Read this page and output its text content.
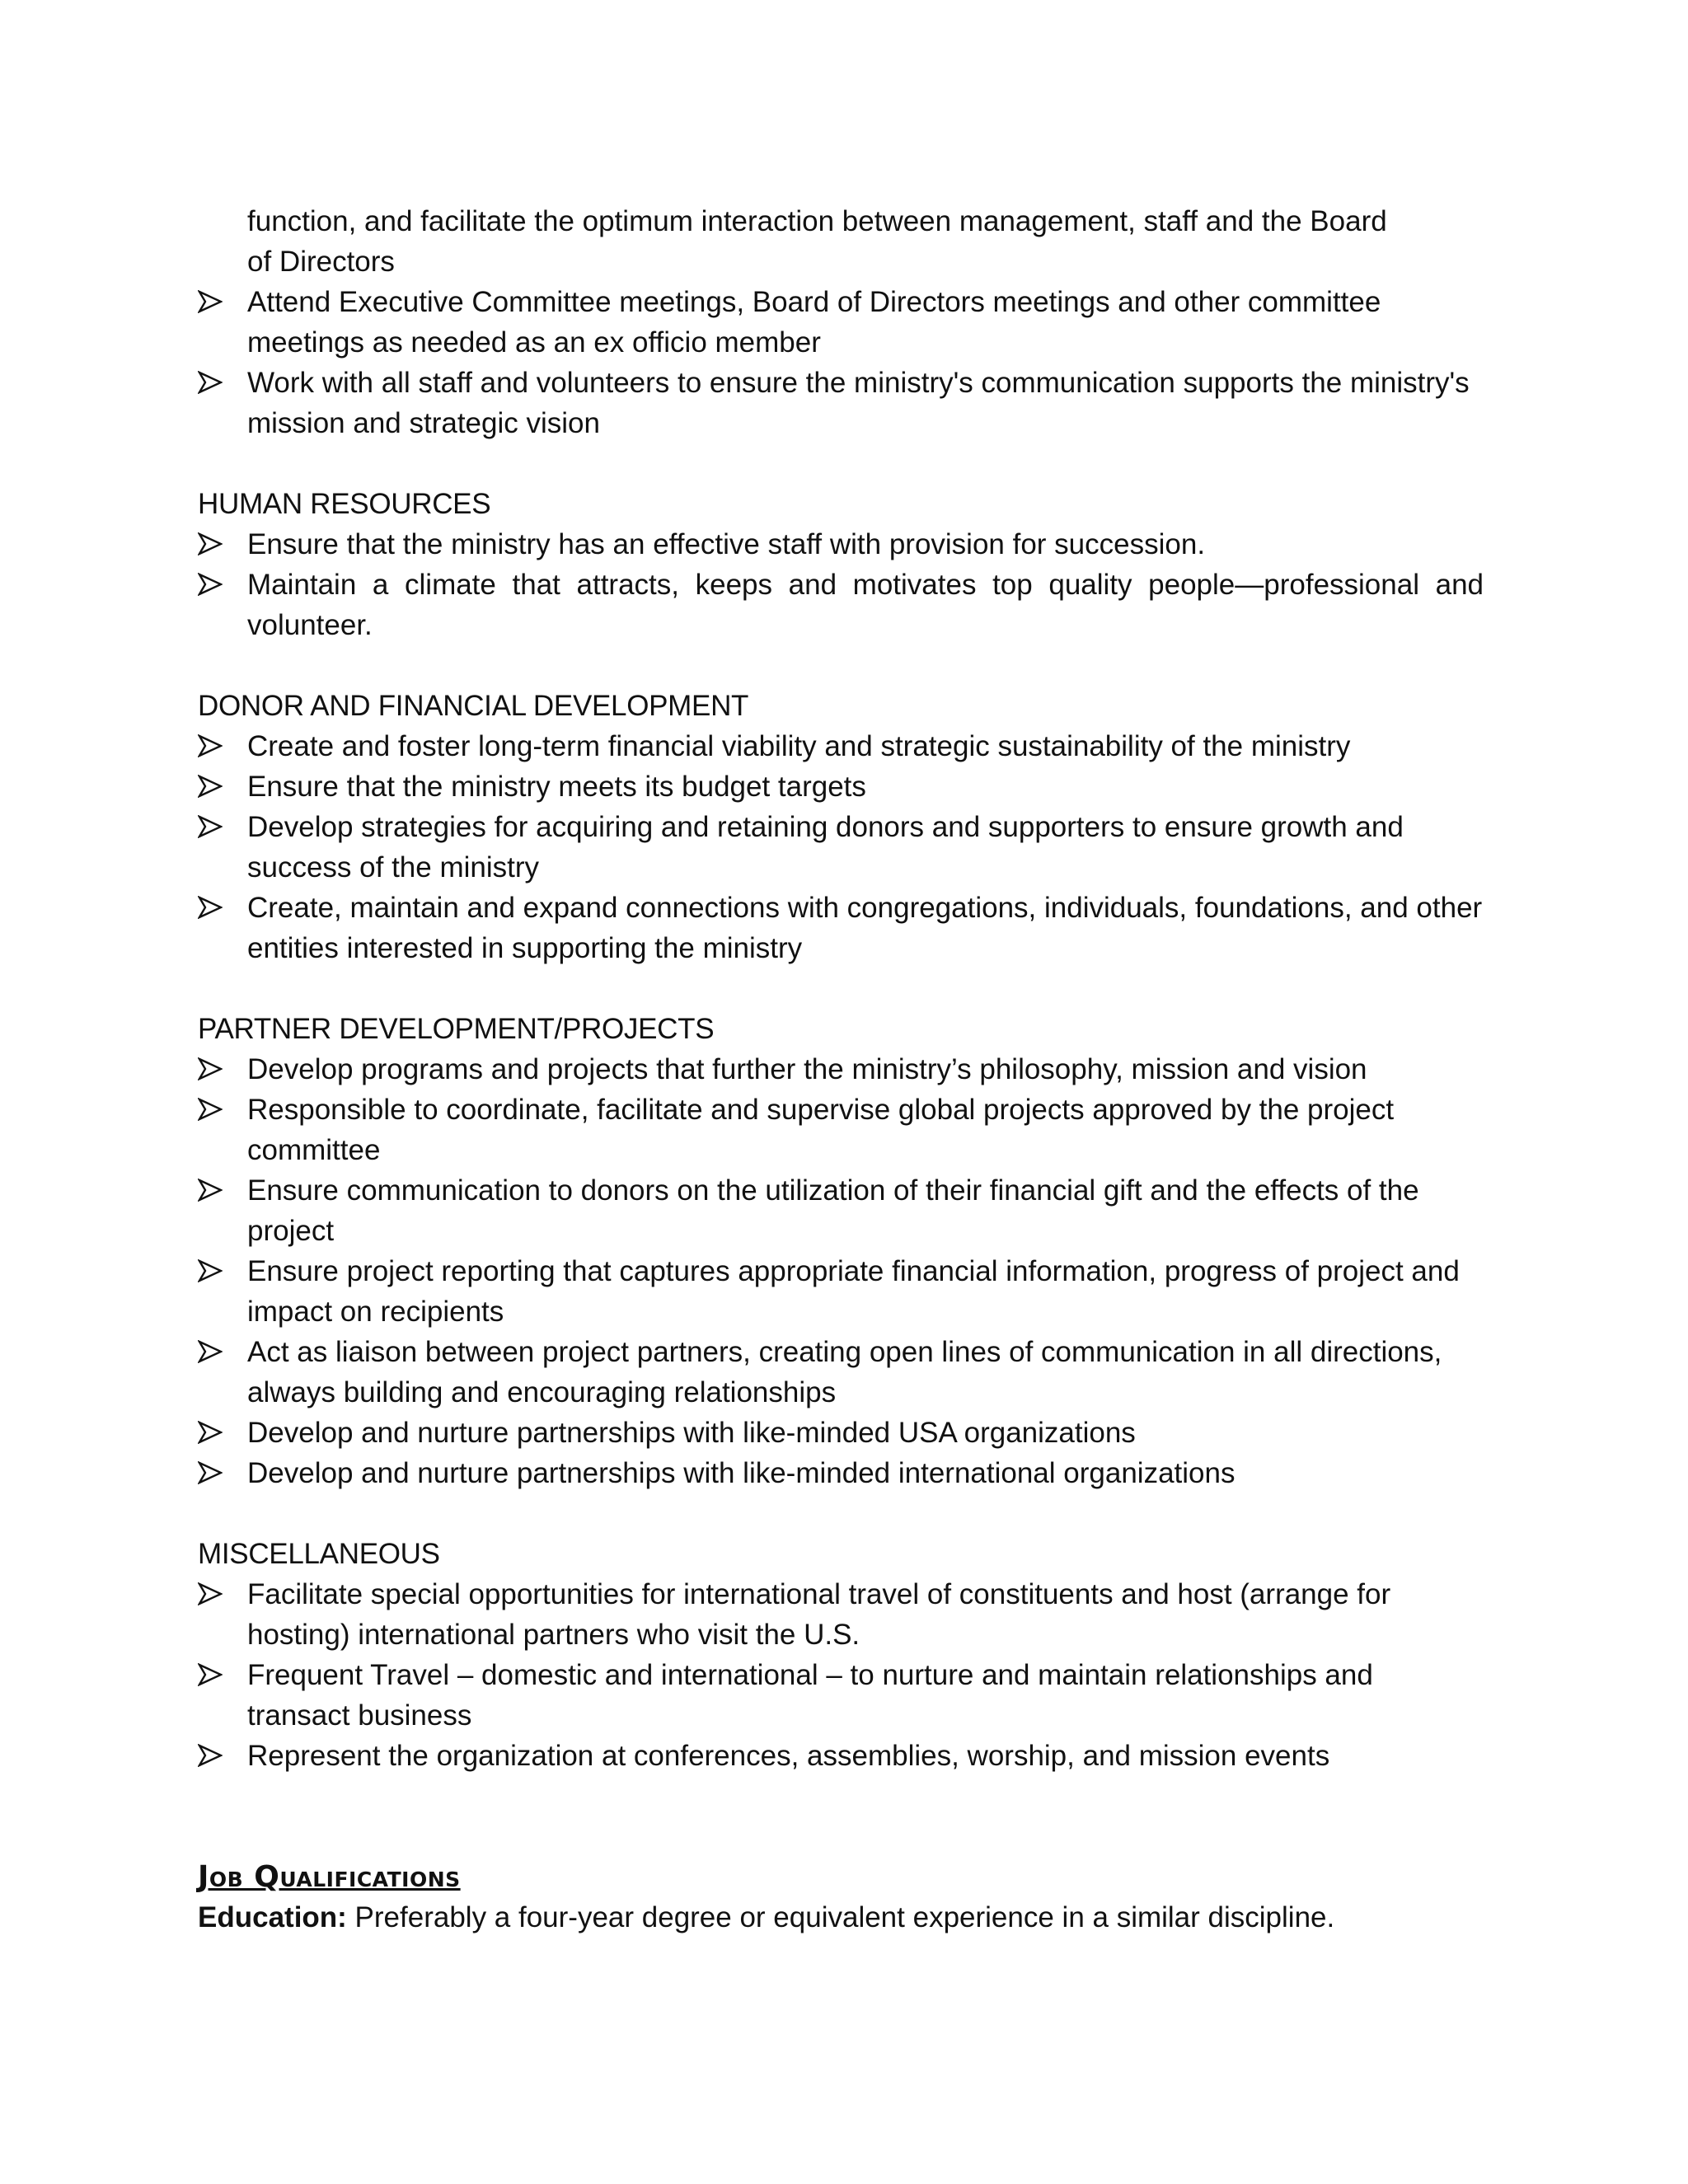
function, and facilitate the optimum interaction between management, staff and the Board

of Directors

Attend Executive Committee meetings, Board of Directors meetings and other committee meetings as needed as an ex officio member
Work with all staff and volunteers to ensure the ministry's communication supports the ministry's mission and strategic vision

HUMAN RESOURCES

Ensure that the ministry has an effective staff with provision for succession.
Maintain a climate that attracts, keeps and motivates top quality people—professional and volunteer.

DONOR AND FINANCIAL DEVELOPMENT

Create and foster long-term financial viability and strategic sustainability of the ministry
Ensure that the ministry meets its budget targets
Develop strategies for acquiring and retaining donors and supporters to ensure growth and success of the ministry
Create, maintain and expand connections with congregations, individuals, foundations, and other entities interested in supporting the ministry

PARTNER DEVELOPMENT/PROJECTS

Develop programs and projects that further the ministry’s philosophy, mission and vision
Responsible to coordinate, facilitate and supervise global projects approved by the project committee
Ensure communication to donors on the utilization of their financial gift and the effects of the project
Ensure project reporting that captures appropriate financial information, progress of project and impact on recipients
Act as liaison between project partners, creating open lines of communication in all directions, always building and encouraging relationships
Develop and nurture partnerships with like-minded USA organizations
Develop and nurture partnerships with like-minded international organizations

MISCELLANEOUS

Facilitate special opportunities for international travel of constituents and host (arrange for hosting) international partners who visit the U.S.
Frequent Travel – domestic and international – to nurture and maintain relationships and transact business
Represent the organization at conferences, assemblies, worship, and mission events

Job Qualifications

Education: Preferably a four-year degree or equivalent experience in a similar discipline.
